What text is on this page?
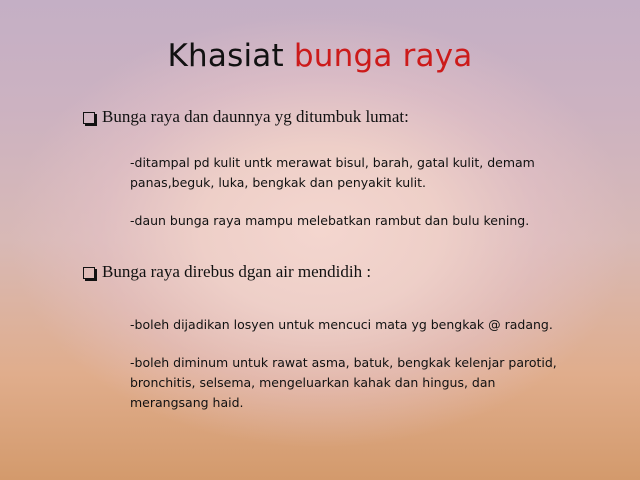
Khasiat bunga raya
Bunga raya dan daunnya yg ditumbuk lumat:
-ditampal pd kulit untk merawat bisul, barah, gatal kulit, demam panas,beguk, luka, bengkak dan penyakit kulit.
-daun bunga raya mampu melebatkan rambut dan bulu kening.
Bunga raya direbus dgan air mendidih :
-boleh dijadikan losyen untuk mencuci mata yg bengkak @ radang.
-boleh diminum untuk rawat asma, batuk, bengkak kelenjar parotid, bronchitis, selsema, mengeluarkan kahak dan hingus, dan merangsang haid.
